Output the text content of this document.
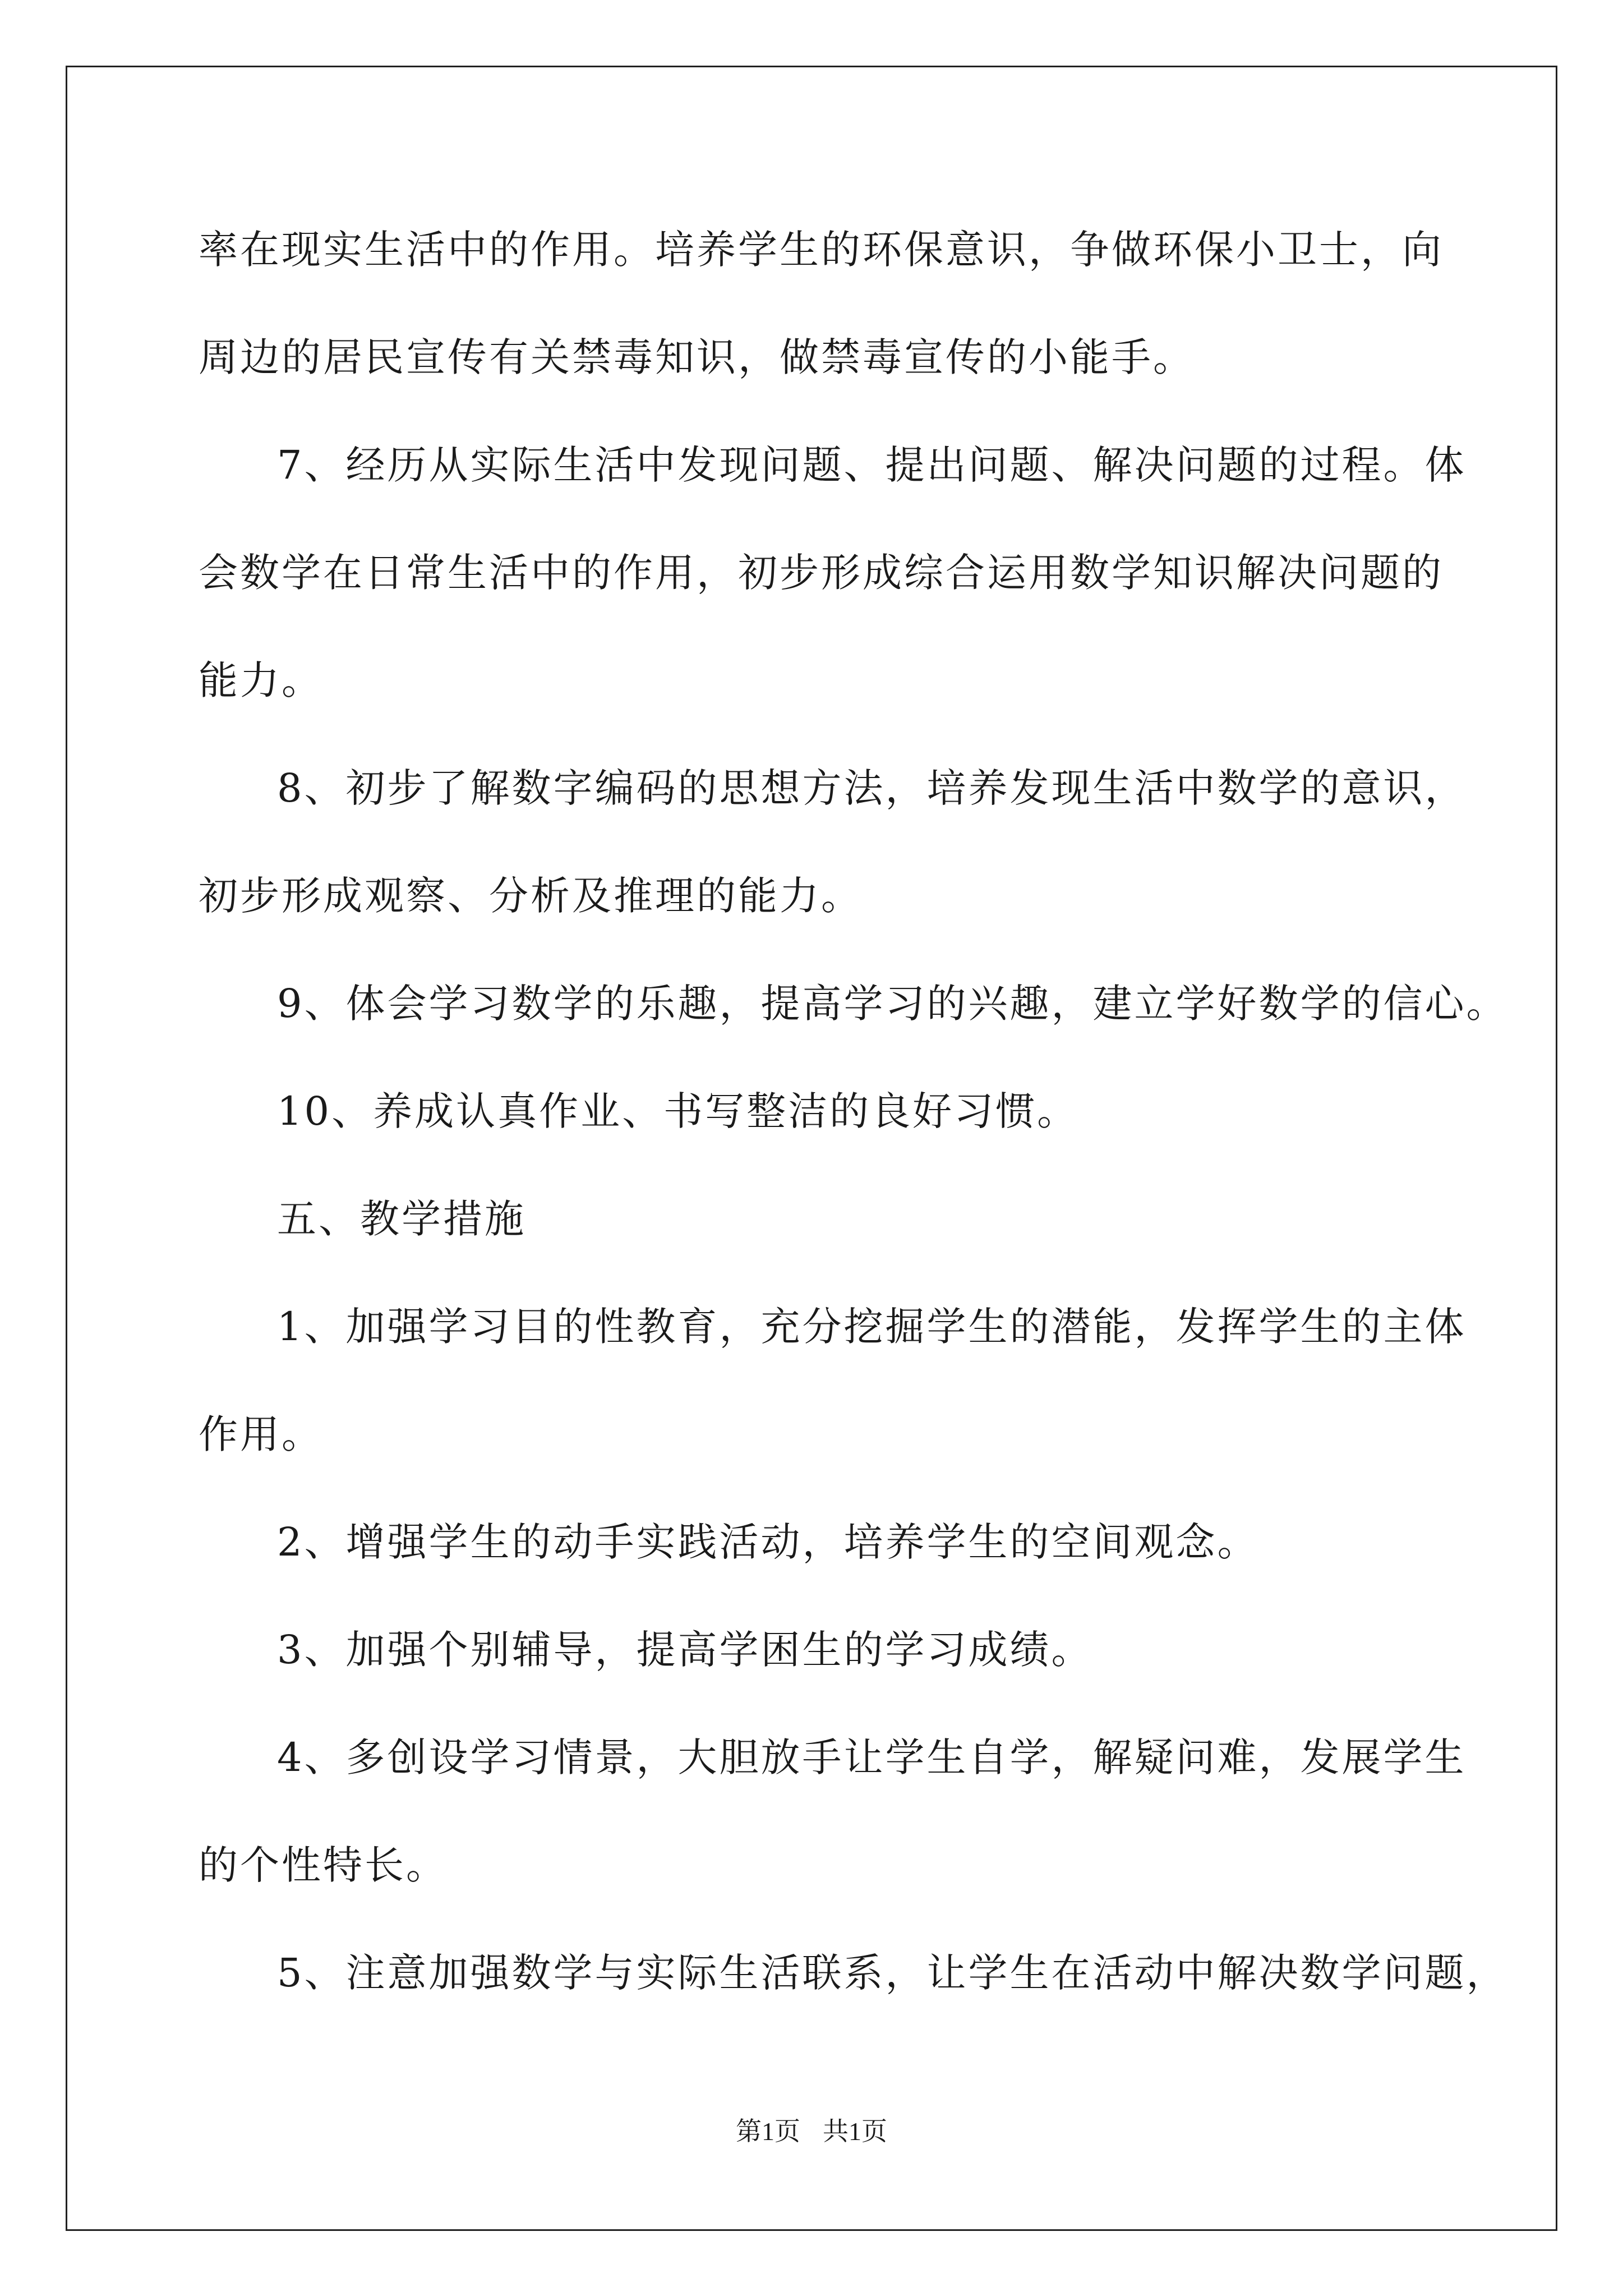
率在现实生活中的作用。培养学生的环保意识，争做环保小卫士，向
周边的居民宣传有关禁毒知识，做禁毒宣传的小能手。
7、经历从实际生活中发现问题、提出问题、解决问题的过程。体
会数学在日常生活中的作用，初步形成综合运用数学知识解决问题的
能力。
8、初步了解数字编码的思想方法，培养发现生活中数学的意识，
初步形成观察、分析及推理的能力。
9、体会学习数学的乐趣，提高学习的兴趣，建立学好数学的信心。
10、养成认真作业、书写整洁的良好习惯。
五、教学措施
1、加强学习目的性教育，充分挖掘学生的潜能，发挥学生的主体
作用。
2、增强学生的动手实践活动，培养学生的空间观念。
3、加强个别辅导，提高学困生的学习成绩。
4、多创设学习情景，大胆放手让学生自学，解疑问难，发展学生
的个性特长。
5、注意加强数学与实际生活联系，让学生在活动中解决数学问题，
第1页 共1页
